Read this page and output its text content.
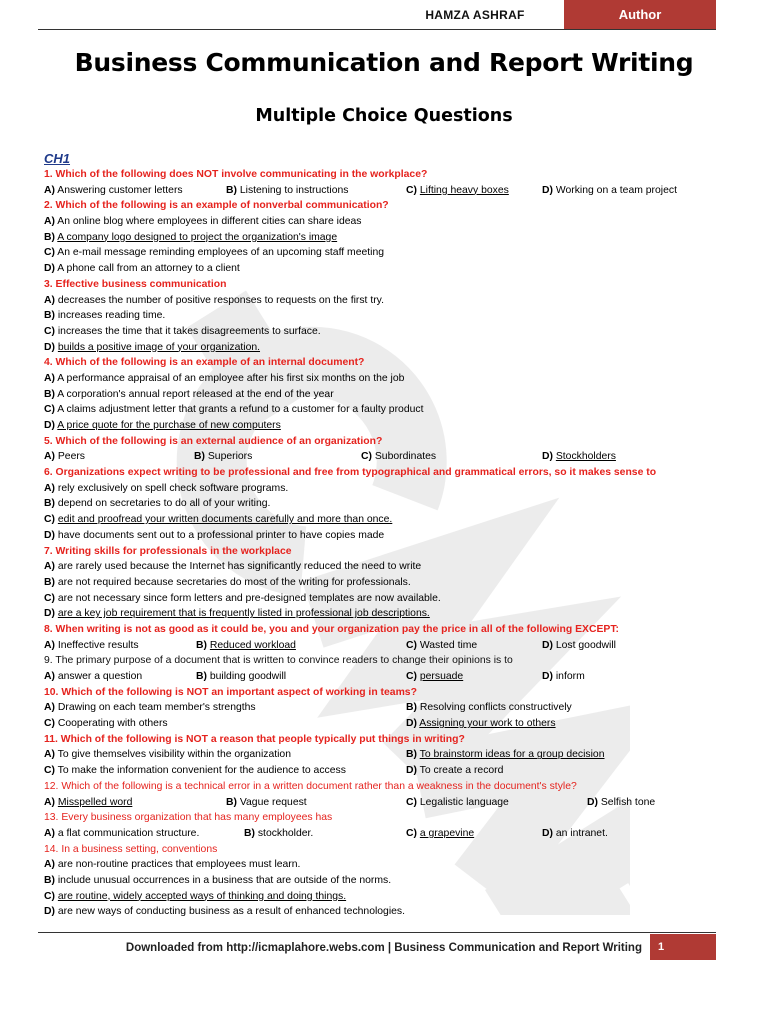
HAMZA ASHRAF	Author
Business Communication and Report Writing
Multiple Choice Questions
CH1
1. Which of the following does NOT involve communicating in the workplace?
A) Answering customer letters	B) Listening to instructions	C) Lifting heavy boxes	D) Working on a team project
2. Which of the following is an example of nonverbal communication?
A) An online blog where employees in different cities can share ideas
B) A company logo designed to project the organization's image
C) An e-mail message reminding employees of an upcoming staff meeting
D) A phone call from an attorney to a client
3. Effective business communication
A) decreases the number of positive responses to requests on the first try.
B) increases reading time.
C) increases the time that it takes disagreements to surface.
D) builds a positive image of your organization.
4. Which of the following is an example of an internal document?
A) A performance appraisal of an employee after his first six months on the job
B) A corporation's annual report released at the end of the year
C) A claims adjustment letter that grants a refund to a customer for a faulty product
D) A price quote for the purchase of new computers
5. Which of the following is an external audience of an organization?
A) Peers	B) Superiors	C) Subordinates	D) Stockholders
6. Organizations expect writing to be professional and free from typographical and grammatical errors, so it makes sense to
A) rely exclusively on spell check software programs.
B) depend on secretaries to do all of your writing.
C) edit and proofread your written documents carefully and more than once.
D) have documents sent out to a professional printer to have copies made
7. Writing skills for professionals in the workplace
A) are rarely used because the Internet has significantly reduced the need to write
B) are not required because secretaries do most of the writing for professionals.
C) are not necessary since form letters and pre-designed templates are now available.
D) are a key job requirement that is frequently listed in professional job descriptions.
8. When writing is not as good as it could be, you and your organization pay the price in all of the following EXCEPT:
A) Ineffective results	B) Reduced workload	C) Wasted time	D) Lost goodwill
9. The primary purpose of a document that is written to convince readers to change their opinions is to
A) answer a question	B) building goodwill	C) persuade	D) inform
10. Which of the following is NOT an important aspect of working in teams?
A) Drawing on each team member's strengths	B) Resolving conflicts constructively
C) Cooperating with others	D) Assigning your work to others
11. Which of the following is NOT a reason that people typically put things in writing?
A) To give themselves visibility within the organization	B) To brainstorm ideas for a group decision
C) To make the information convenient for the audience to access	D) To create a record
12. Which of the following is a technical error in a written document rather than a weakness in the document's style?
A) Misspelled word	B) Vague request	C) Legalistic language	D) Selfish tone
13. Every business organization that has many employees has
A) a flat communication structure.	B) stockholder.	C) a grapevine	D) an intranet.
14. In a business setting, conventions
A) are non-routine practices that employees must learn.
B) include unusual occurrences in a business that are outside of the norms.
C) are routine, widely accepted ways of thinking and doing things.
D) are new ways of conducting business as a result of enhanced technologies.
Downloaded from http://icmaplahore.webs.com | Business Communication and Report Writing	1
